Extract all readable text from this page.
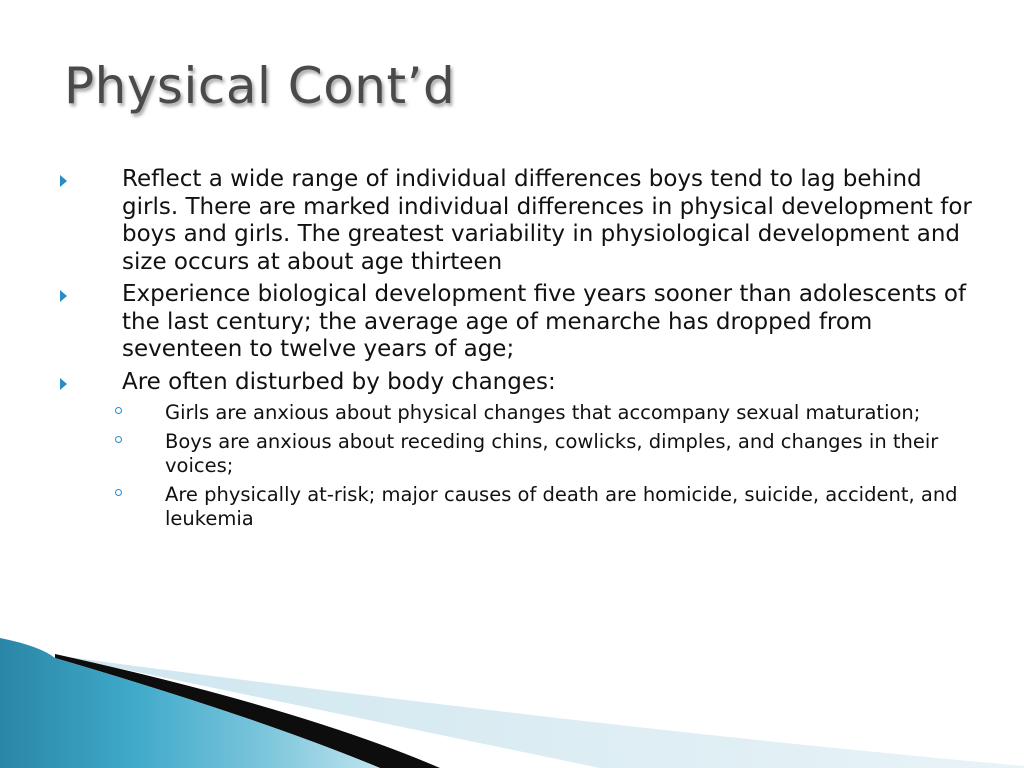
Physical Cont’d
Reflect a wide range of individual differences boys tend to lag behind girls. There are marked individual differences in physical development for boys and girls. The greatest variability in physiological development and size occurs at about age thirteen
Experience biological development five years sooner than adolescents of the last century; the average age of menarche has dropped from seventeen to twelve years of age;
Are often disturbed by body changes:
Girls are anxious about physical changes that accompany sexual maturation;
Boys are anxious about receding chins, cowlicks, dimples, and changes in their voices;
Are physically at-risk; major causes of death are homicide, suicide, accident, and leukemia
